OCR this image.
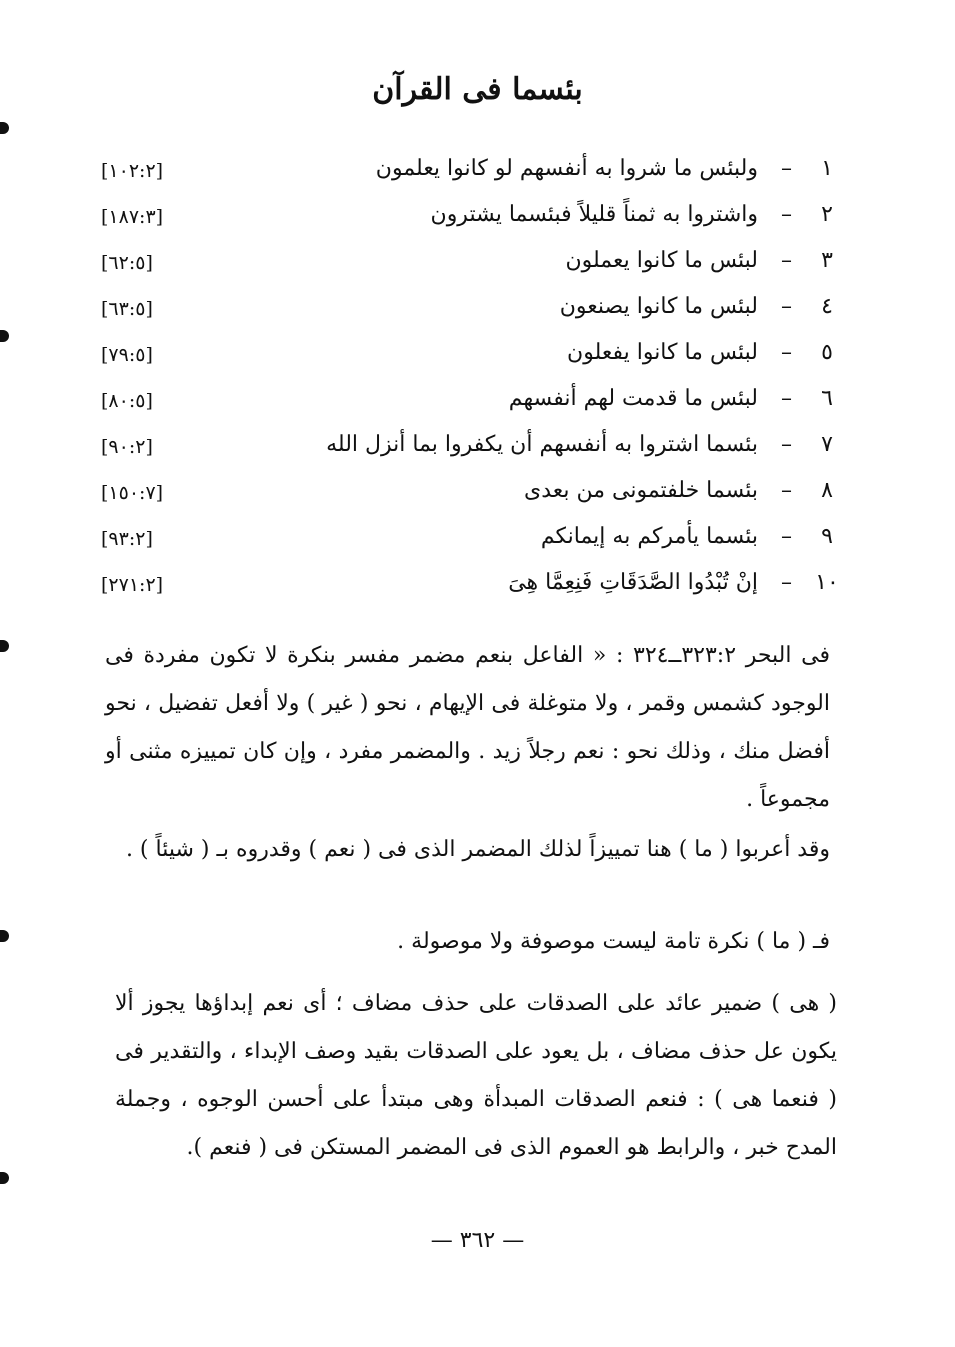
بئسما فى القرآن
١
–
ولبئس ما شروا به أنفسهم لو كانوا يعلمون
[١٠٢:٢]
٢
–
واشتروا به ثمناً قليلاً فبئسما يشترون
[١٨٧:٣]
٣
–
لبئس ما كانوا يعملون
[٦٢:٥]
٤
–
لبئس ما كانوا يصنعون
[٦٣:٥]
٥
–
لبئس ما كانوا يفعلون
[٧٩:٥]
٦
–
لبئس ما قدمت لهم أنفسهم
[٨٠:٥]
٧
–
بئسما اشتروا به أنفسهم أن يكفروا بما أنزل الله
[٩٠:٢]
٨
–
بئسما خلفتمونى من بعدى
[١٥٠:٧]
٩
–
بئسما يأمركم به إيمانكم
[٩٣:٢]
١٠
–
إنْ تُبْدُوا الصَّدَقَاتِ فَنِعِمَّا هِىَ
[٢٧١:٢]
فى البحر ٣٢٣:٢ــ٣٢٤ : « الفاعل بنعم مضمر مفسر بنكرة لا تكون مفردة فى الوجود كشمس وقمر ، ولا متوغلة فى الإيهام ، نحو ( غير ) ولا أفعل تفضيل ، نحو أفضل منك ، وذلك نحو : نعم رجلاً زيد . والمضمر مفرد ، وإن كان تمييزه مثنى أو مجموعاً .
وقد أعربوا ( ما ) هنا تمييزاً لذلك المضمر الذى فى ( نعم ) وقدروه بـ ( شيئاً ) .
فـ ( ما ) نكرة تامة ليست موصوفة ولا موصولة .
( هى ) ضمير عائد على الصدقات على حذف مضاف ؛ أى نعم إبداؤها يجوز ألا يكون عل حذف مضاف ، بل يعود على الصدقات بقيد وصف الإبداء ، والتقدير فى ( فنعما هى ) : فنعم الصدقات المبدأة وهى مبتدأ على أحسن الوجوه ، وجملة المدح خبر ، والرابط هو العموم الذى فى المضمر المستكن فى ( فنعم ).
— ٣٦٢ —
